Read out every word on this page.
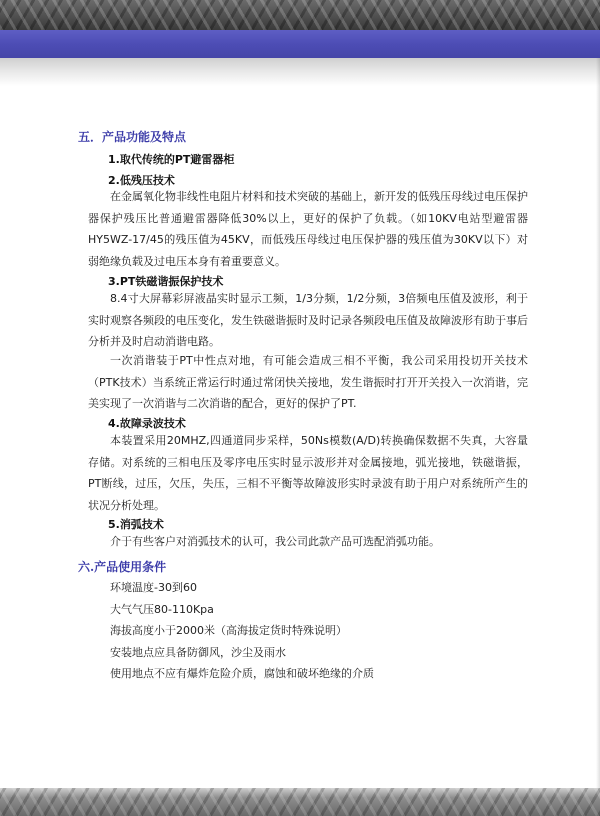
五．产品功能及特点
1.取代传统的PT避雷器柜
2.低残压技术
在金属氧化物非线性电阻片材料和技术突破的基础上，新开发的低残压母线过电压保护器保护残压比普通避雷器降低30%以上，更好的保护了负载。（如10KV电站型避雷器HY5WZ-17/45的残压值为45KV，而低残压母线过电压保护器的残压值为30KV以下）对弱绝缘负载及过电压本身有着重要意义。
3.PT铁磁谐振保护技术
8.4寸大屏幕彩屏液晶实时显示工频，1/3分频，1/2分频，3倍频电压值及波形，利于实时观察各频段的电压变化，发生铁磁谐振时及时记录各频段电压值及故障波形有助于事后分析并及时启动消谐电路。
一次消谐装于PT中性点对地，有可能会造成三相不平衡，我公司采用投切开关技术（PTK技术）当系统正常运行时通过常闭快关接地，发生谐振时打开开关投入一次消谐，完美实现了一次消谐与二次消谐的配合，更好的保护了PT.
4.故障录波技术
本装置采用20MHZ,四通道同步采样，50Ns模数(A/D)转换确保数据不失真，大容量存储。对系统的三相电压及零序电压实时显示波形并对金属接地，弧光接地，铁磁谐振，PT断线，过压，欠压，失压，三相不平衡等故障波形实时录波有助于用户对系统所产生的状况分析处理。
5.消弧技术
介于有些客户对消弧技术的认可，我公司此款产品可选配消弧功能。
六.产品使用条件
环境温度-30到60
大气气压80-110Kpa
海拔高度小于2000米（高海拔定货时特殊说明）
安装地点应具备防御风，沙尘及雨水
使用地点不应有爆炸危险介质，腐蚀和破坏绝缘的介质
